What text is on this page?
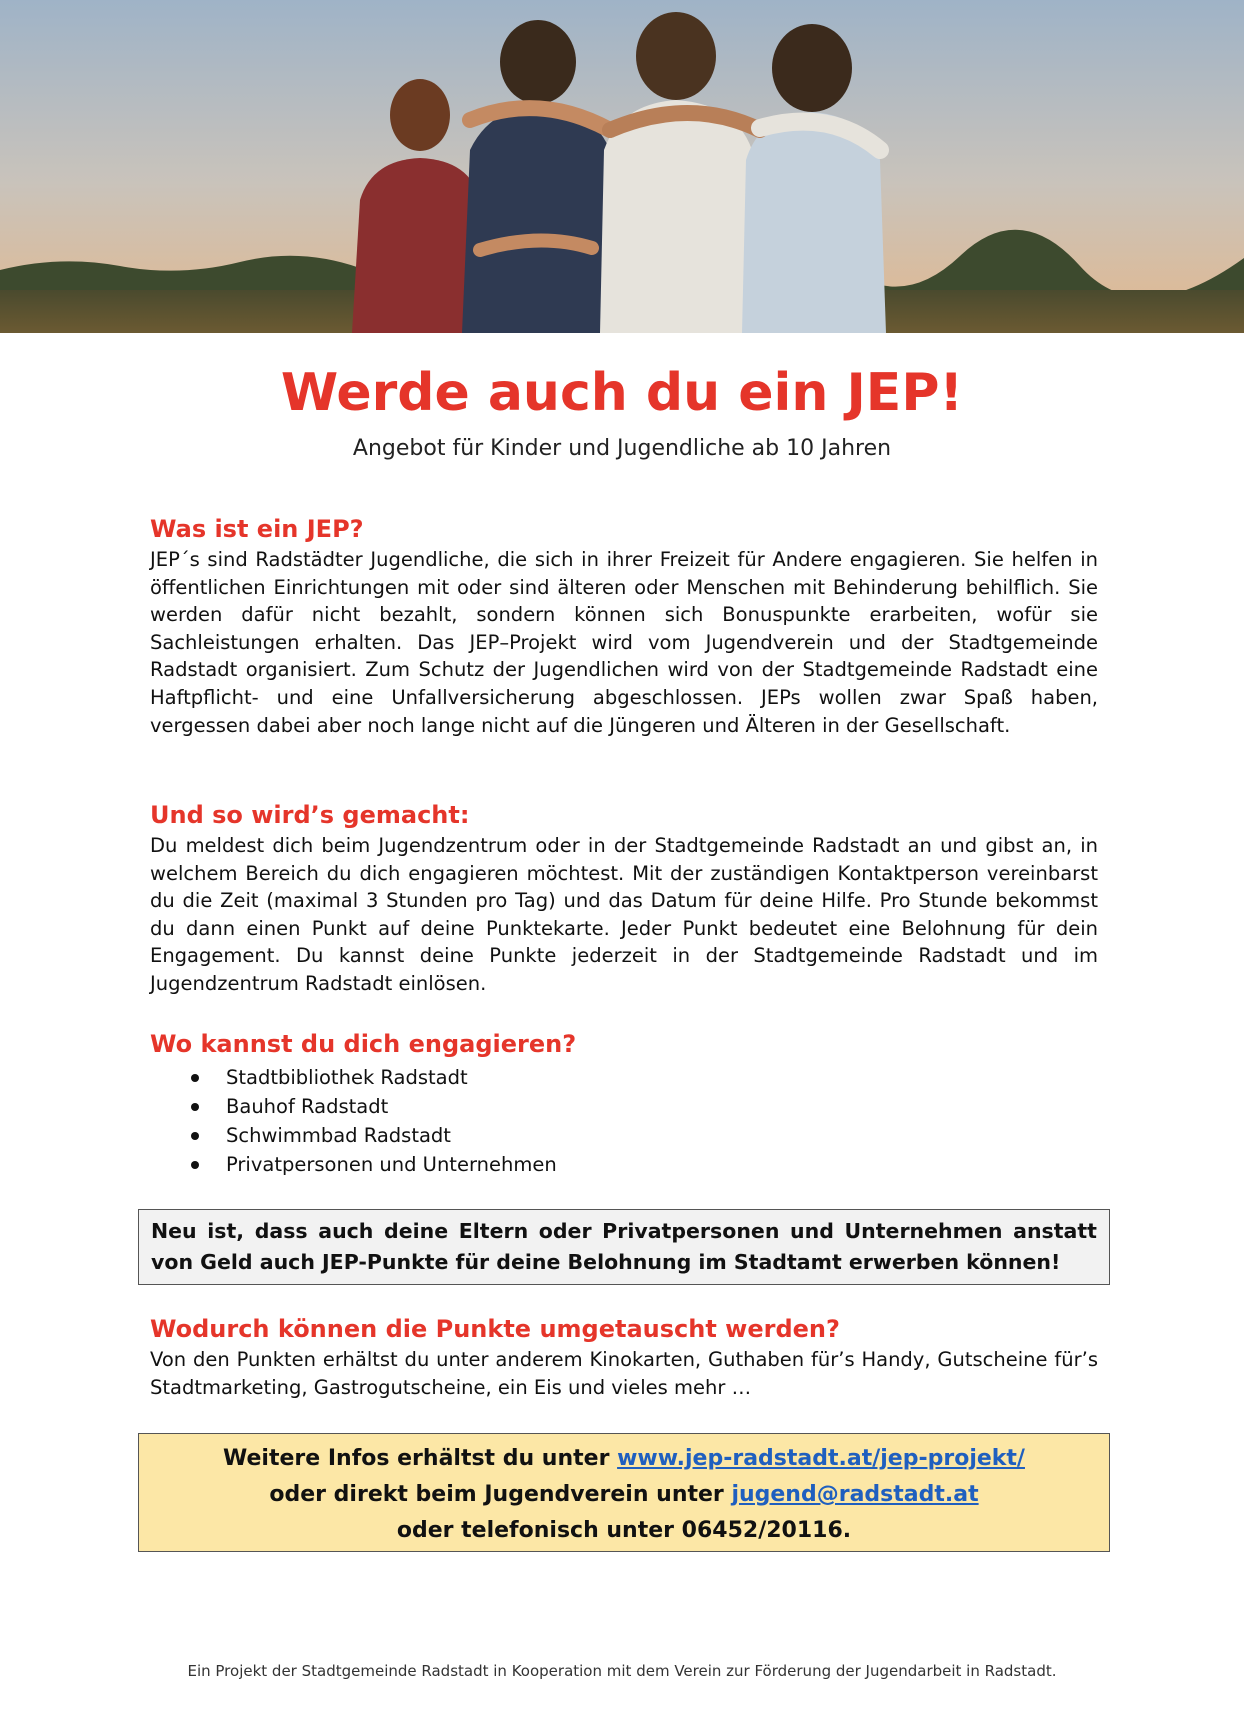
Werde auch du ein JEP!

Angebot für Kinder und Jugendliche ab 10 Jahren

Was ist ein JEP?

JEP´s sind Radstädter Jugendliche, die sich in ihrer Freizeit für Andere engagieren. Sie helfen in öffentlichen Einrichtungen mit oder sind älteren oder Menschen mit Behinderung behilflich. Sie werden dafür nicht bezahlt, sondern können sich Bonuspunkte erarbeiten, wofür sie Sachleistungen erhalten. Das JEP–Projekt wird vom Jugendverein und der Stadtgemeinde Radstadt organisiert. Zum Schutz der Jugendlichen wird von der Stadtgemeinde Radstadt eine Haftpflicht- und eine Unfallversicherung abgeschlossen. JEPs wollen zwar Spaß haben, vergessen dabei aber noch lange nicht auf die Jüngeren und Älteren in der Gesellschaft.

Und so wird’s gemacht:

Du meldest dich beim Jugendzentrum oder in der Stadtgemeinde Radstadt an und gibst an, in welchem Bereich du dich engagieren möchtest. Mit der zuständigen Kontaktperson vereinbarst du die Zeit (maximal 3 Stunden pro Tag) und das Datum für deine Hilfe. Pro Stunde bekommst du dann einen Punkt auf deine Punktekarte. Jeder Punkt bedeutet eine Belohnung für dein Engagement. Du kannst deine Punkte jederzeit in der Stadtgemeinde Radstadt und im Jugendzentrum Radstadt einlösen.

Wo kannst du dich engagieren?
Stadtbibliothek Radstadt
Bauhof Radstadt
Schwimmbad Radstadt
Privatpersonen und Unternehmen

Neu ist, dass auch deine Eltern oder Privatpersonen und Unternehmen anstatt von Geld auch JEP-Punkte für deine Belohnung im Stadtamt erwerben können!

Wodurch können die Punkte umgetauscht werden?

Von den Punkten erhältst du unter anderem Kinokarten, Guthaben für’s Handy, Gutscheine für’s Stadtmarketing, Gastrogutscheine, ein Eis und vieles mehr …

Weitere Infos erhältst du unter www.jep-radstadt.at/jep-projekt/

oder direkt beim Jugendverein unter jugend@radstadt.at

oder telefonisch unter 06452/20116.

Ein Projekt der Stadtgemeinde Radstadt in Kooperation mit dem Verein zur Förderung der Jugendarbeit in Radstadt.
